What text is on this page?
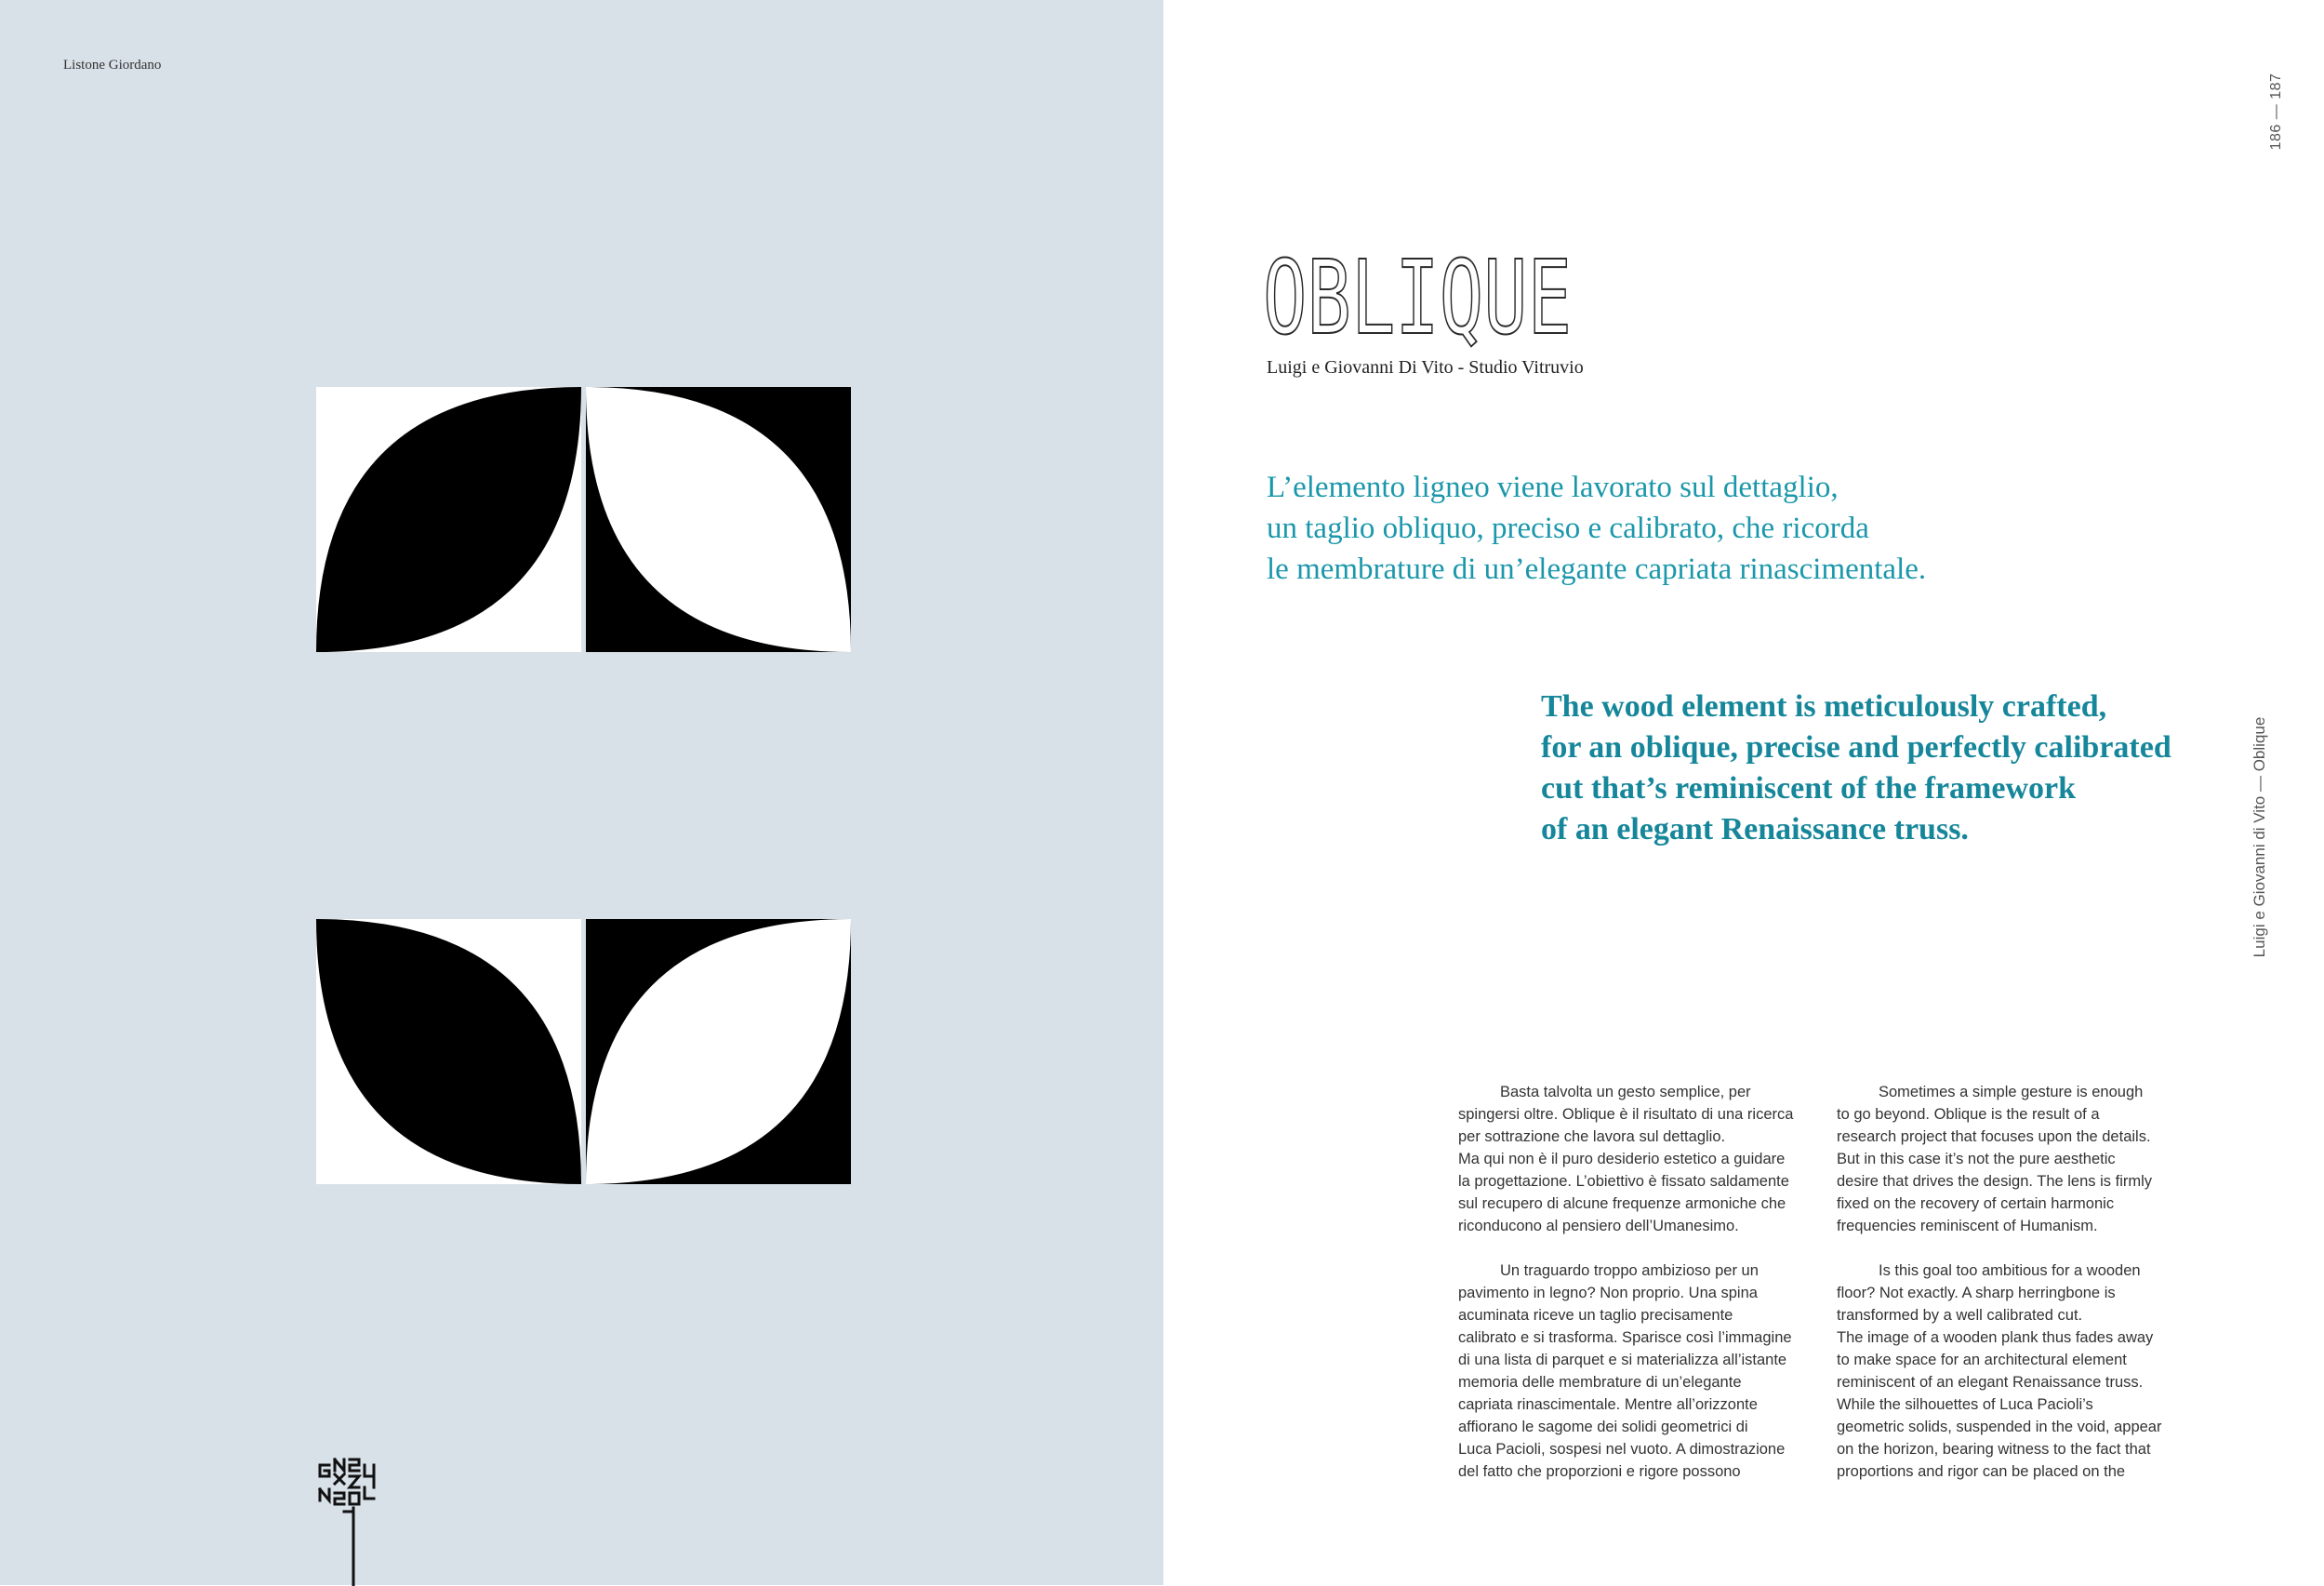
Listone Giordano
186 — 187
Luigi e Giovanni di Vito — Oblique
OBLIQUE
Luigi e Giovanni Di Vito - Studio Vitruvio
L’elemento ligneo viene lavorato sul dettaglio,
un taglio obliquo, preciso e calibrato, che ricorda
le membrature di un’elegante capriata rinascimentale.
The wood element is meticulously crafted,
for an oblique, precise and perfectly calibrated
cut that’s reminiscent of the framework
of an elegant Renaissance truss.
Basta talvolta un gesto semplice, per
spingersi oltre. Oblique è il risultato di una ricerca
per sottrazione che lavora sul dettaglio.
Ma qui non è il puro desiderio estetico a guidare
la progettazione. L’obiettivo è fissato saldamente
sul recupero di alcune frequenze armoniche che
riconducono al pensiero dell’Umanesimo.
Un traguardo troppo ambizioso per un
pavimento in legno? Non proprio. Una spina
acuminata riceve un taglio precisamente
calibrato e si trasforma. Sparisce così l’immagine
di una lista di parquet e si materializza all’istante
memoria delle membrature di un’elegante
capriata rinascimentale. Mentre all’orizzonte
affiorano le sagome dei solidi geometrici di
Luca Pacioli, sospesi nel vuoto. A dimostrazione
del fatto che proporzioni e rigore possono
Sometimes a simple gesture is enough
to go beyond. Oblique is the result of a
research project that focuses upon the details.
But in this case it’s not the pure aesthetic
desire that drives the design. The lens is firmly
fixed on the recovery of certain harmonic
frequencies reminiscent of Humanism.
Is this goal too ambitious for a wooden
floor? Not exactly. A sharp herringbone is
transformed by a well calibrated cut.
The image of a wooden plank thus fades away
to make space for an architectural element
reminiscent of an elegant Renaissance truss.
While the silhouettes of Luca Pacioli’s
geometric solids, suspended in the void, appear
on the horizon, bearing witness to the fact that
proportions and rigor can be placed on the
